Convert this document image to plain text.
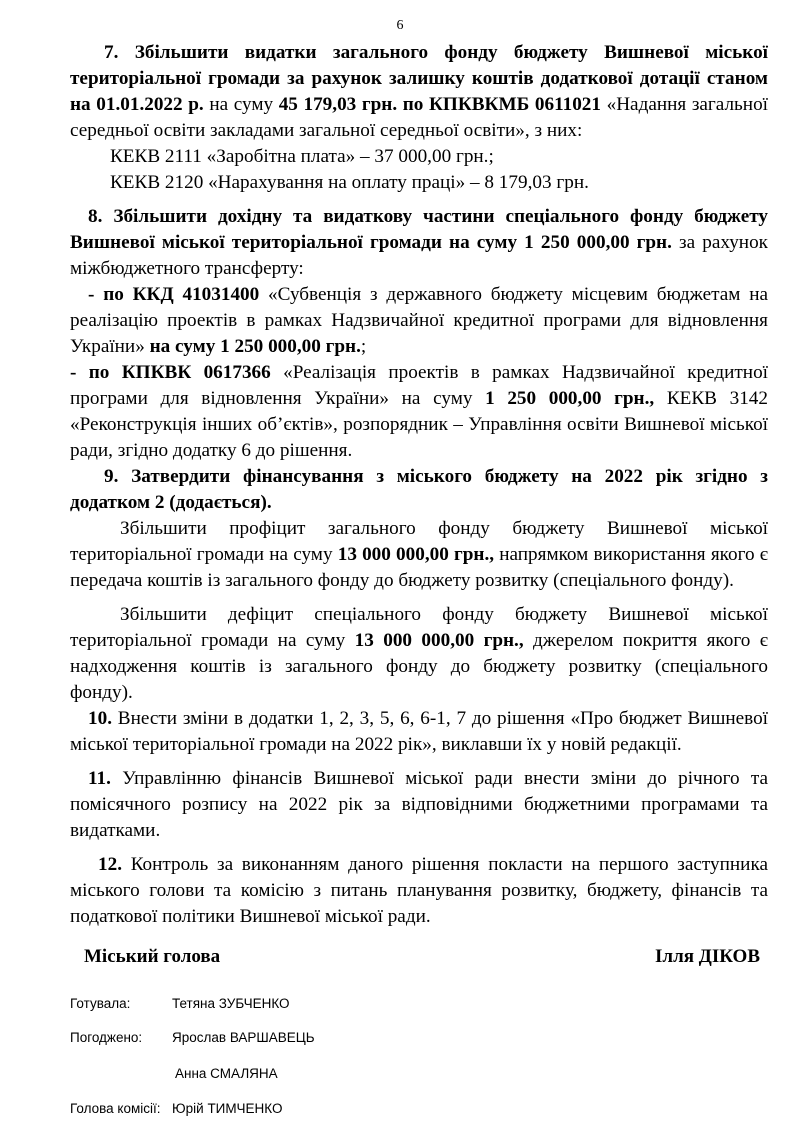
6

7. Збільшити видатки загального фонду бюджету Вишневої міської територіальної громади за рахунок залишку коштів додаткової дотації станом на 01.01.2022 р. на суму 45 179,03 грн. по КПКВКМБ 0611021 «Надання загальної середньої освіти закладами загальної середньої освіти», з них:

КЕКВ 2111 «Заробітна плата» – 37 000,00 грн.;

КЕКВ 2120 «Нарахування на оплату праці» – 8 179,03 грн.

8. Збільшити дохідну та видаткову частини спеціального фонду бюджету Вишневої міської територіальної громади на суму 1 250 000,00 грн. за рахунок міжбюджетного трансферту:

- по ККД 41031400 «Субвенція з державного бюджету місцевим бюджетам на реалізацію проектів в рамках Надзвичайної кредитної програми для відновлення України» на суму 1 250 000,00 грн.;

- по КПКВК 0617366 «Реалізація проектів в рамках Надзвичайної кредитної програми для відновлення України» на суму 1 250 000,00 грн., КЕКВ 3142 «Реконструкція інших об’єктів», розпорядник – Управління освіти Вишневої міської ради, згідно додатку 6 до рішення.

9. Затвердити фінансування з міського бюджету на 2022 рік згідно з додатком 2 (додається).

Збільшити профіцит загального фонду бюджету Вишневої міської територіальної громади на суму 13 000 000,00 грн., напрямком використання якого є передача коштів із загального фонду до бюджету розвитку (спеціального фонду).

Збільшити дефіцит спеціального фонду бюджету Вишневої міської територіальної громади на суму 13 000 000,00 грн., джерелом покриття якого є надходження коштів із загального фонду до бюджету розвитку (спеціального фонду).

10. Внести зміни в додатки 1, 2, 3, 5, 6, 6-1, 7 до рішення «Про бюджет Вишневої міської територіальної громади на 2022 рік», виклавши їх у новій редакції.

11. Управлінню фінансів Вишневої міської ради внести зміни до річного та помісячного розпису на 2022 рік за відповідними бюджетними програмами та видатками.

12. Контроль за виконанням даного рішення покласти на першого заступника міського голови та комісію з питань планування розвитку, бюджету, фінансів та податкової політики Вишневої міської ради.

Міський голова	Ілля ДІКОВ
Готувала:	Тетяна ЗУБЧЕНКО
Погоджено: Ярослав ВАРШАВЕЦЬ
Анна СМАЛЯНА
Голова комісії: Юрій ТИМЧЕНКО
